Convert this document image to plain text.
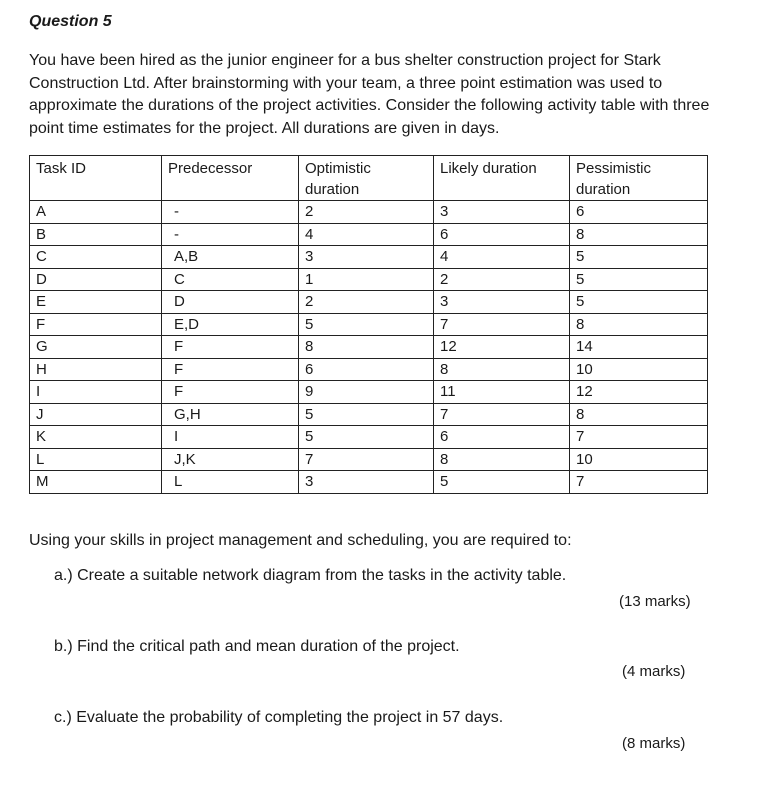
Question 5
You have been hired as the junior engineer for a bus shelter construction project for Stark Construction Ltd. After brainstorming with your team, a three point estimation was used to approximate the durations of the project activities. Consider the following activity table with three point time estimates for the project. All durations are given in days.
Task ID	Predecessor	Optimistic duration	Likely duration	Pessimistic duration
A	-	2	3	6
B	-	4	6	8
C	A,B	3	4	5
D	C	1	2	5
E	D	2	3	5
F	E,D	5	7	8
G	F	8	12	14
H	F	6	8	10
I	F	9	11	12
J	G,H	5	7	8
K	I	5	6	7
L	J,K	7	8	10
M	L	3	5	7
Using your skills in project management and scheduling, you are required to:
a.) Create a suitable network diagram from the tasks in the activity table.
(13 marks)
b.) Find the critical path and mean duration of the project.
(4 marks)
c.) Evaluate the probability of completing the project in 57 days.
(8 marks)
